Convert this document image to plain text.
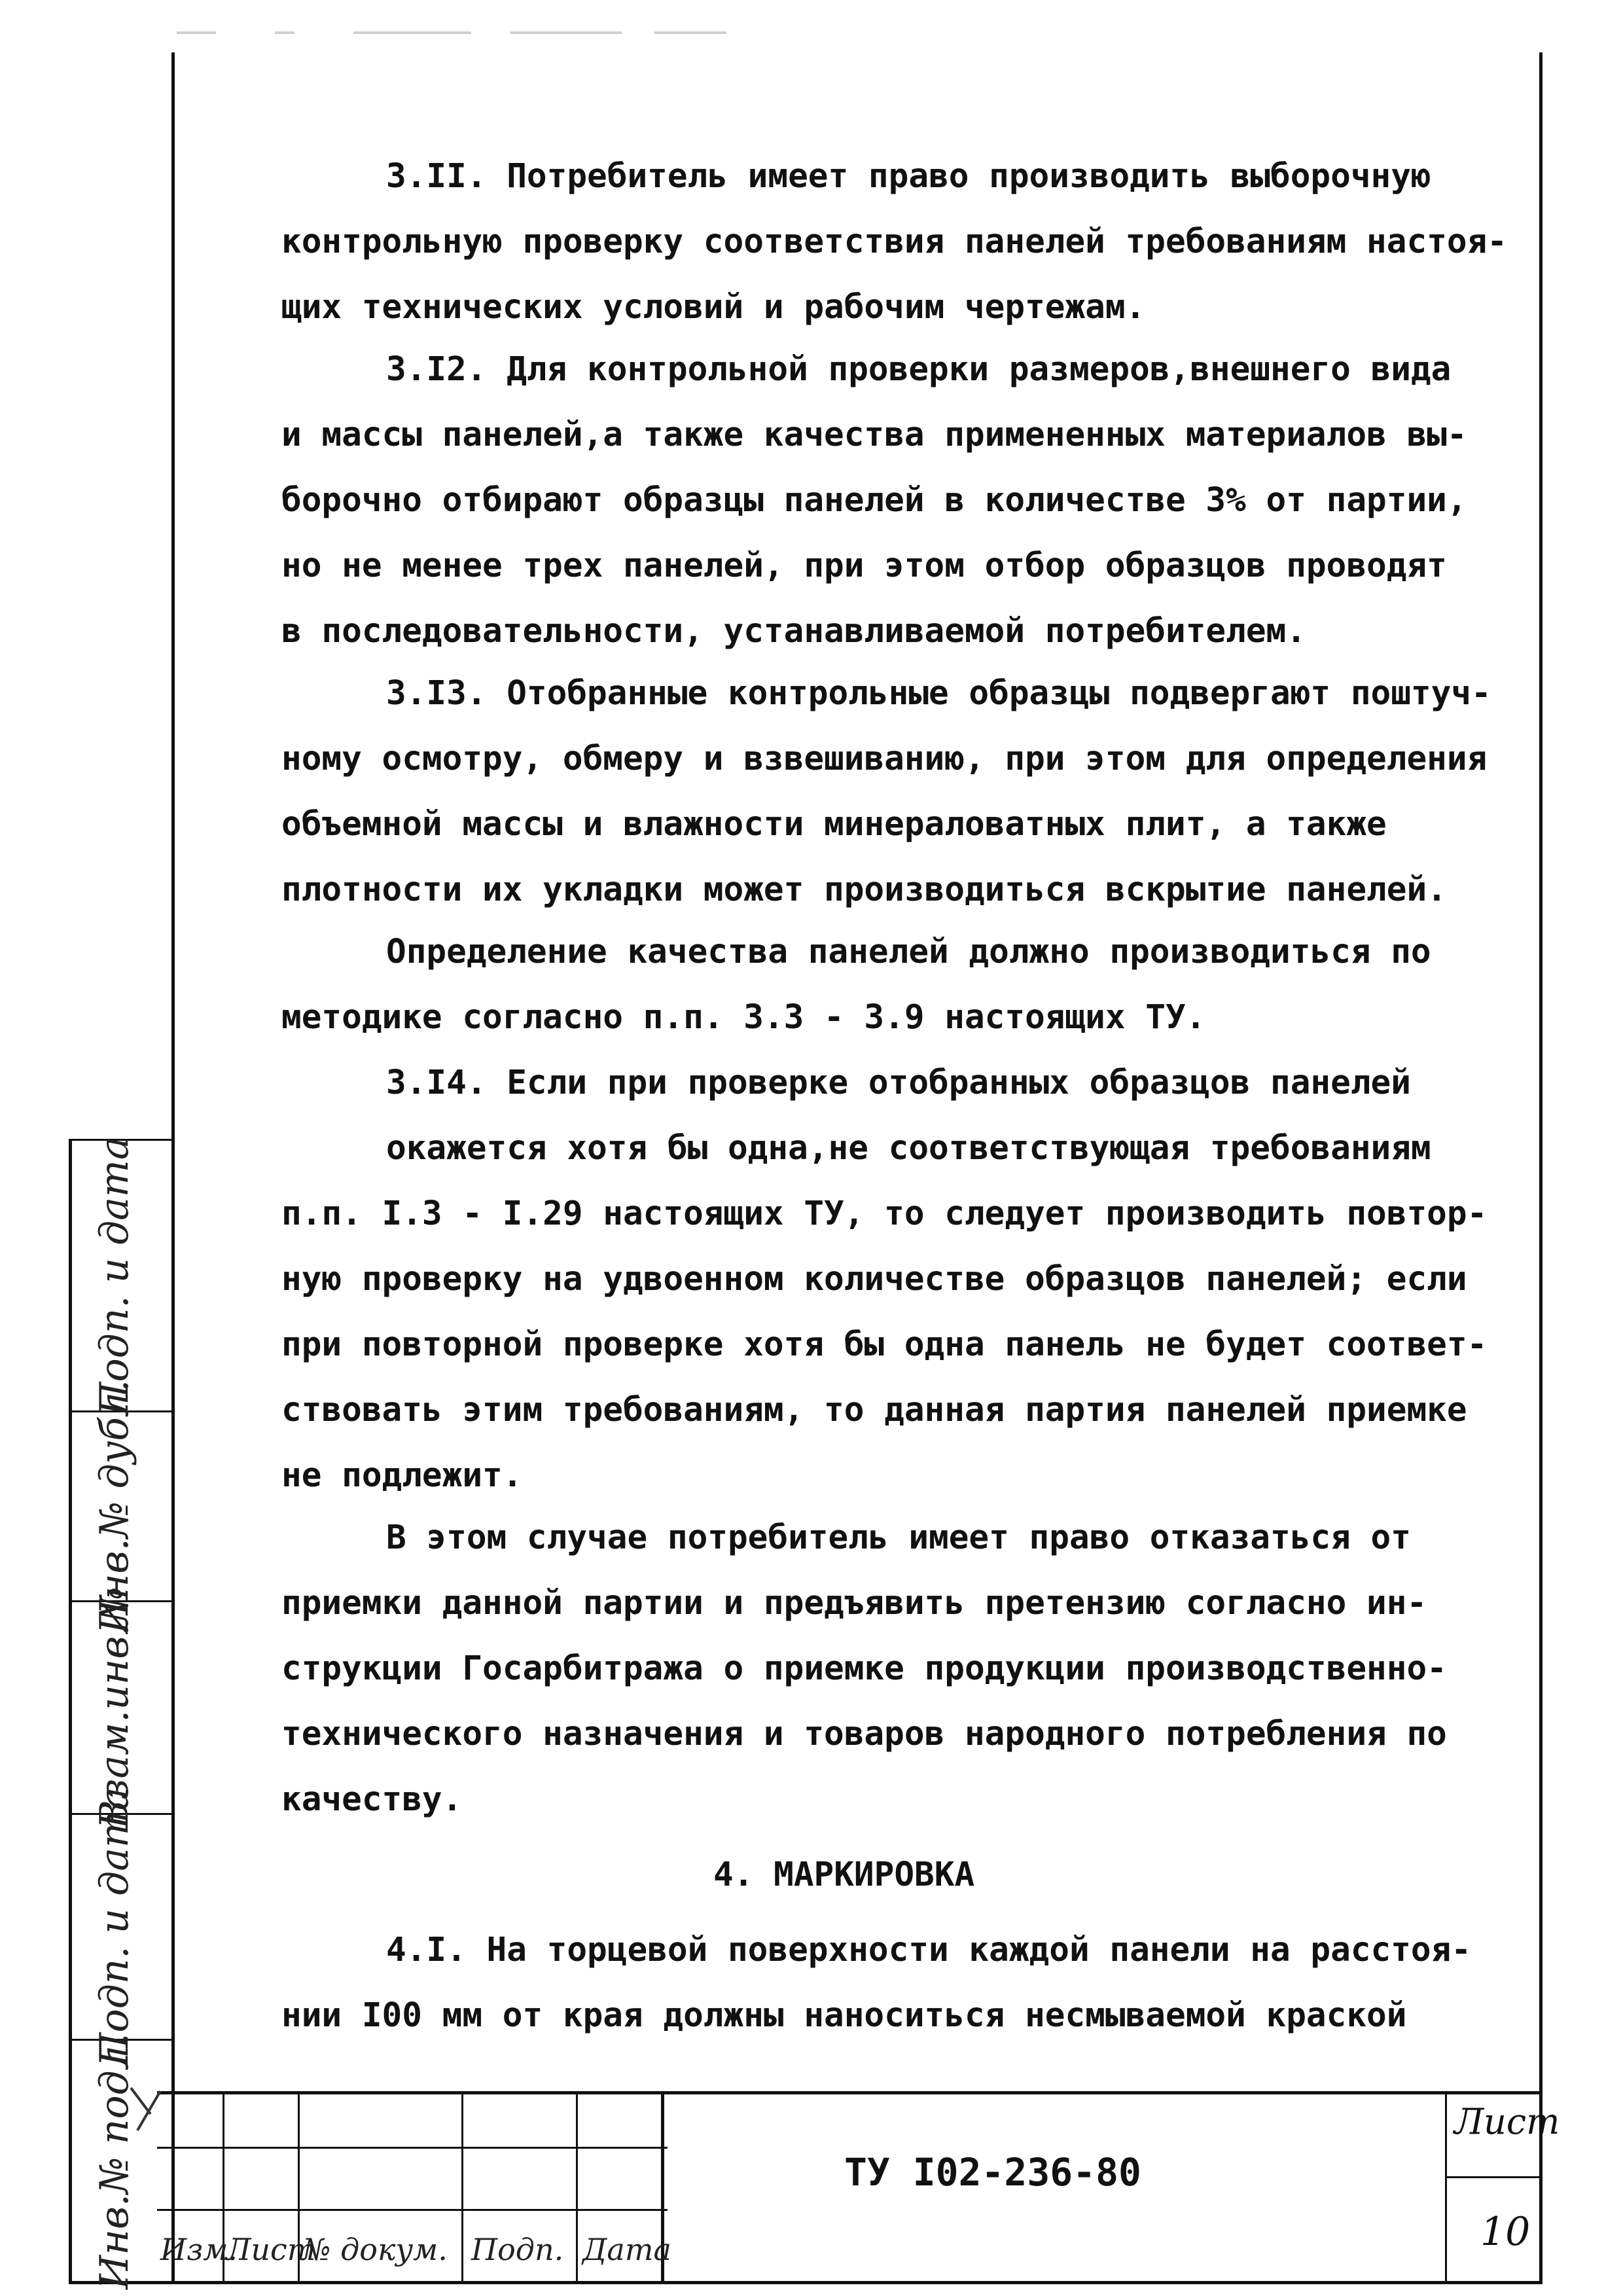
Подп. и дата
Инв.№ дубл.
Взам.инв.№
Подп. и дата
Инв.№ подл.
3.II. Потребитель имеет право производить выборочную
контрольную проверку соответствия панелей требованиям настоя-
щих технических условий и рабочим чертежам.
3.I2. Для контрольной проверки размеров,внешнего вида
и массы панелей,а также качества примененных материалов вы-
борочно отбирают образцы панелей в количестве 3% от партии,
но не менее трех панелей, при этом отбор образцов проводят
в последовательности, устанавливаемой потребителем.
3.I3. Отобранные контрольные образцы подвергают поштуч-
ному осмотру, обмеру и взвешиванию, при этом для определения
объемной массы и влажности минераловатных плит, а также
плотности их укладки может производиться вскрытие панелей.
Определение качества панелей должно производиться по
методике согласно п.п. 3.3 - 3.9 настоящих ТУ.
3.I4. Если при проверке отобранных образцов панелей
окажется хотя бы одна,не соответствующая требованиям
п.п. I.3 - I.29 настоящих ТУ, то следует производить повтор-
ную проверку на удвоенном количестве образцов панелей; если
при повторной проверке хотя бы одна панель не будет соответ-
ствовать этим требованиям, то данная партия панелей приемке
не подлежит.
В этом случае потребитель имеет право отказаться от
приемки данной партии и предъявить претензию согласно ин-
струкции Госарбитража о приемке продукции производственно-
технического назначения и товаров народного потребления по
качеству.
4. МАРКИРОВКА
4.I. На торцевой поверхности каждой панели на расстоя-
нии I00 мм от края должны наноситься несмываемой краской
Изм.
Лист
№ докум. Подп. Дата
ТУ I02-236-80
Лист
10
